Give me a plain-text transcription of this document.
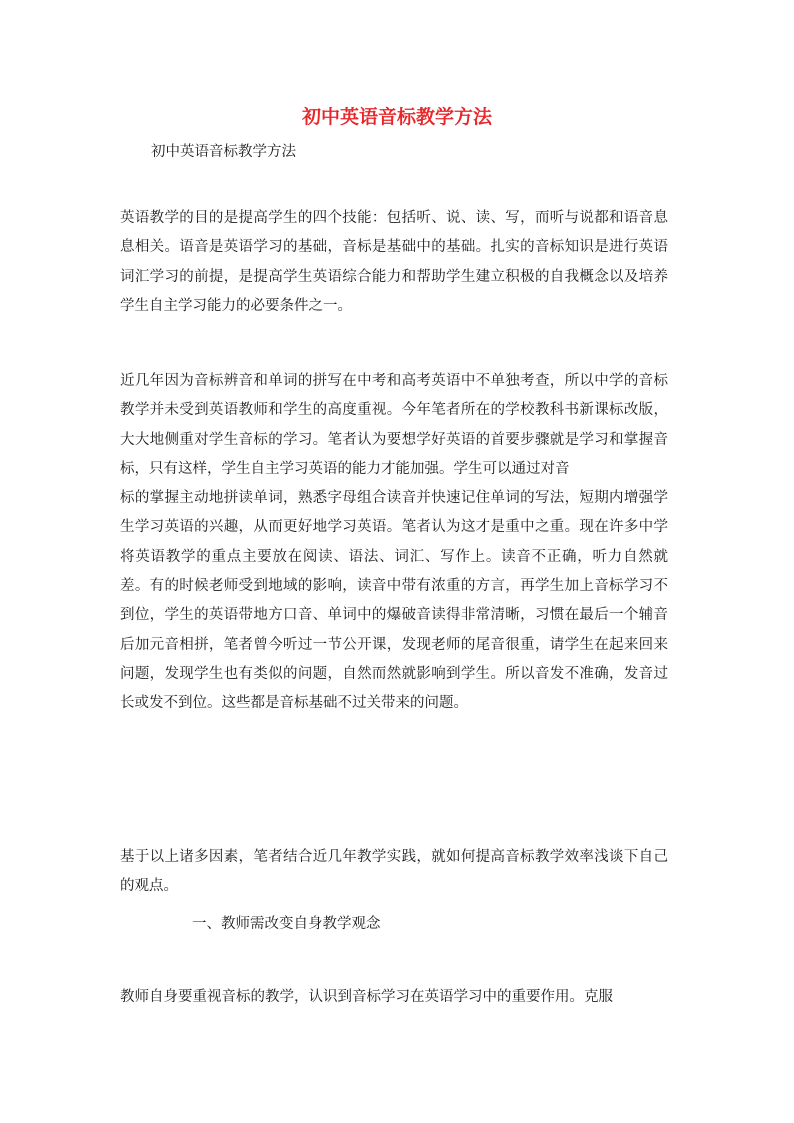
初中英语音标教学方法

初中英语音标教学方法

英语教学的目的是提高学生的四个技能：包括听、说、读、写，而听与说都和语音息息相关。语音是英语学习的基础，音标是基础中的基础。扎实的音标知识是进行英语词汇学习的前提，是提高学生英语综合能力和帮助学生建立积极的自我概念以及培养学生自主学习能力的必要条件之一。

近几年因为音标辨音和单词的拼写在中考和高考英语中不单独考查，所以中学的音标教学并未受到英语教师和学生的高度重视。今年笔者所在的学校教科书新课标改版，大大地侧重对学生音标的学习。笔者认为要想学好英语的首要步骤就是学习和掌握音标，只有这样，学生自主学习英语的能力才能加强。学生可以通过对音
标的掌握主动地拼读单词，熟悉字母组合读音并快速记住单词的写法，短期内增强学生学习英语的兴趣，从而更好地学习英语。笔者认为这才是重中之重。现在许多中学将英语教学的重点主要放在阅读、语法、词汇、写作上。读音不正确，听力自然就差。有的时候老师受到地域的影响，读音中带有浓重的方言，再学生加上音标学习不到位，学生的英语带地方口音、单词中的爆破音读得非常清晰，习惯在最后一个辅音后加元音相拼，笔者曾今听过一节公开课，发现老师的尾音很重，请学生在起来回来问题，发现学生也有类似的问题，自然而然就影响到学生。所以音发不准确，发音过长或发不到位。这些都是音标基础不过关带来的问题。

基于以上诸多因素，笔者结合近几年教学实践，就如何提高音标教学效率浅谈下自己的观点。

一、教师需改变自身教学观念

教师自身要重视音标的教学，认识到音标学习在英语学习中的重要作用。克服
